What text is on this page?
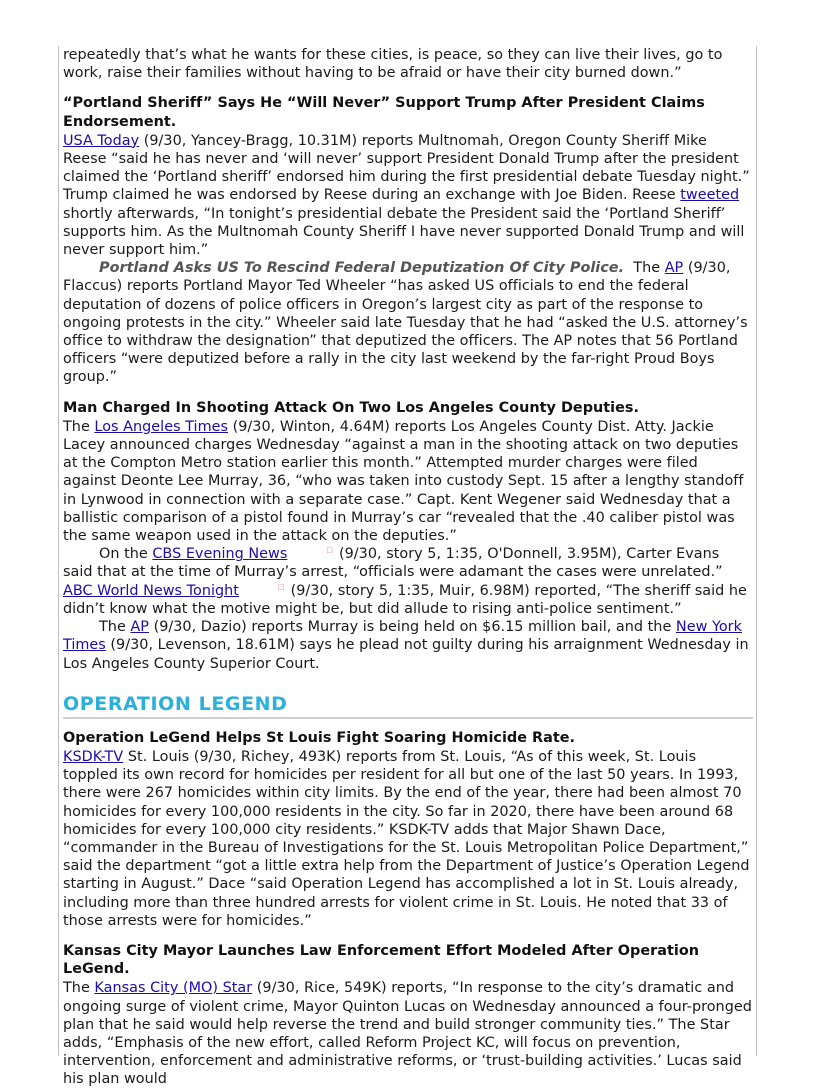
repeatedly that’s what he wants for these cities, is peace, so they can live their lives, go to work, raise their families without having to be afraid or have their city burned down.”

“Portland Sheriff” Says He “Will Never” Support Trump After President Claims Endorsement.

USA Today (9/30, Yancey-Bragg, 10.31M) reports Multnomah, Oregon County Sheriff Mike Reese “said he has never and ‘will never’ support President Donald Trump after the president claimed the ‘Portland sheriff’ endorsed him during the first presidential debate Tuesday night.” Trump claimed he was endorsed by Reese during an exchange with Joe Biden. Reese tweeted shortly afterwards, “In tonight’s presidential debate the President said the ‘Portland Sheriff’ supports him. As the Multnomah County Sheriff I have never supported Donald Trump and will never support him.”

Portland Asks US To Rescind Federal Deputization Of City Police.  The AP (9/30, Flaccus) reports Portland Mayor Ted Wheeler “has asked US officials to end the federal deputation of dozens of police officers in Oregon’s largest city as part of the response to ongoing protests in the city.” Wheeler said late Tuesday that he had “asked the U.S. attorney’s office to withdraw the designation” that deputized the officers. The AP notes that 56 Portland officers “were deputized before a rally in the city last weekend by the far-right Proud Boys group.”

Man Charged In Shooting Attack On Two Los Angeles County Deputies.

The Los Angeles Times (9/30, Winton, 4.64M) reports Los Angeles County Dist. Atty. Jackie Lacey announced charges Wednesday “against a man in the shooting attack on two deputies at the Compton Metro station earlier this month.” Attempted murder charges were filed against Deonte Lee Murray, 36, “who was taken into custody Sept. 15 after a lengthy standoff in Lynwood in connection with a separate case.” Capt. Kent Wegener said Wednesday that a ballistic comparison of a pistol found in Murray’s car “revealed that the .40 caliber pistol was the same weapon used in the attack on the deputies.”

On the CBS Evening News	□ (9/30, story 5, 1:35, O'Donnell, 3.95M), Carter Evans said that at the time of Murray’s arrest, “officials were adamant the cases were unrelated.” ABC World News Tonight	□ (9/30, story 5, 1:35, Muir, 6.98M) reported, “The sheriff said he didn’t know what the motive might be, but did allude to rising anti-police sentiment.”

The AP (9/30, Dazio) reports Murray is being held on $6.15 million bail, and the New York Times (9/30, Levenson, 18.61M) says he plead not guilty during his arraignment Wednesday in Los Angeles County Superior Court.

OPERATION LEGEND
Operation LeGend Helps St Louis Fight Soaring Homicide Rate.

KSDK-TV St. Louis (9/30, Richey, 493K) reports from St. Louis, “As of this week, St. Louis toppled its own record for homicides per resident for all but one of the last 50 years. In 1993, there were 267 homicides within city limits. By the end of the year, there had been almost 70 homicides for every 100,000 residents in the city. So far in 2020, there have been around 68 homicides for every 100,000 city residents.” KSDK-TV adds that Major Shawn Dace, “commander in the Bureau of Investigations for the St. Louis Metropolitan Police Department,” said the department “got a little extra help from the Department of Justice’s Operation Legend starting in August.” Dace “said Operation Legend has accomplished a lot in St. Louis already, including more than three hundred arrests for violent crime in St. Louis. He noted that 33 of those arrests were for homicides.”

Kansas City Mayor Launches Law Enforcement Effort Modeled After Operation LeGend.

The Kansas City (MO) Star (9/30, Rice, 549K) reports, “In response to the city’s dramatic and ongoing surge of violent crime, Mayor Quinton Lucas on Wednesday announced a four-pronged plan that he said would help reverse the trend and build stronger community ties.” The Star adds, “Emphasis of the new effort, called Reform Project KC, will focus on prevention, intervention, enforcement and administrative reforms, or ‘trust-building activities.’ Lucas said his plan would
